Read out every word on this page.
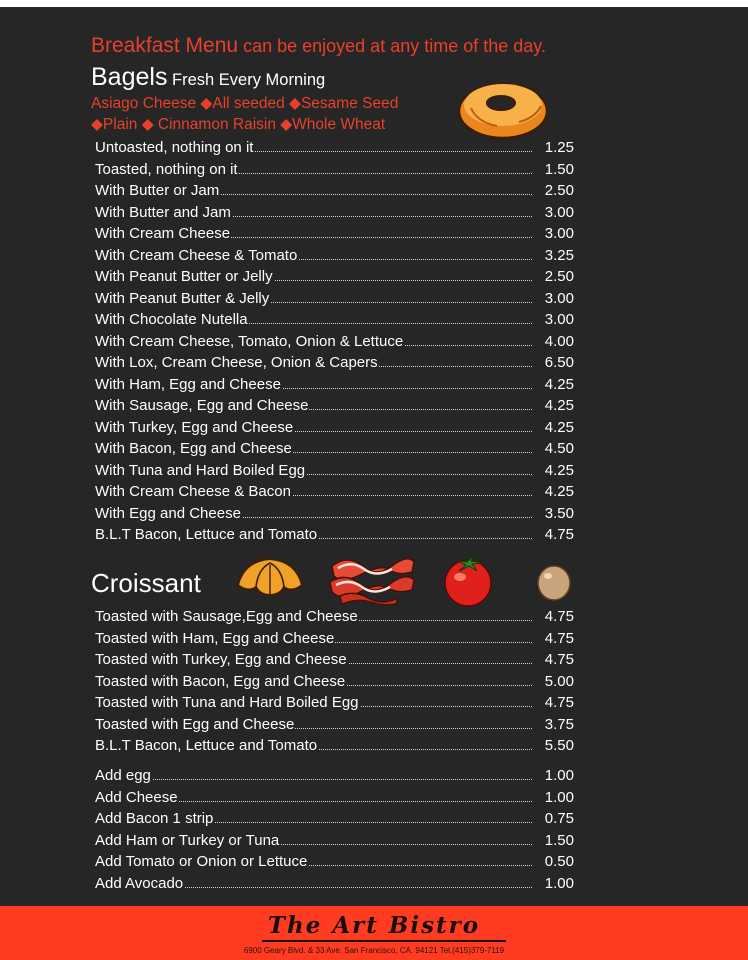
Breakfast Menu can be enjoyed at any time of the day.
Bagels Fresh Every Morning
Asiago Cheese ◆All seeded ◆Sesame Seed
◆Plain ◆ Cinnamon Raisin ◆Whole Wheat
Untoasted, nothing on it	1.25
Toasted, nothing on it	1.50
With Butter or Jam	2.50
With Butter and Jam	3.00
With Cream Cheese	3.00
With Cream Cheese & Tomato	3.25
With Peanut Butter or Jelly	2.50
With Peanut Butter & Jelly	3.00
With Chocolate Nutella	3.00
With Cream Cheese, Tomato, Onion & Lettuce	4.00
With Lox, Cream Cheese, Onion & Capers	6.50
With Ham, Egg and Cheese	4.25
With Sausage, Egg and Cheese	4.25
With Turkey, Egg and Cheese	4.25
With Bacon, Egg and Cheese	4.50
With Tuna and Hard Boiled Egg	4.25
With Cream Cheese & Bacon	4.25
With Egg and Cheese	3.50
B.L.T Bacon, Lettuce and Tomato	4.75
Croissant
Toasted with Sausage,Egg and Cheese	4.75
Toasted with Ham, Egg and Cheese	4.75
Toasted with Turkey, Egg and Cheese	4.75
Toasted with Bacon, Egg and Cheese	5.00
Toasted with Tuna and Hard Boiled Egg	4.75
Toasted with Egg and Cheese	3.75
B.L.T Bacon, Lettuce and Tomato	5.50
Add egg	1.00
Add Cheese	1.00
Add Bacon 1 strip	0.75
Add Ham or Turkey or Tuna	1.50
Add Tomato or Onion or Lettuce	0.50
Add Avocado	1.00
The Art Bistro
6900 Geary Blvd. & 33 Ave. San Francisco, CA. 94121 Tel.(415)379-7119
